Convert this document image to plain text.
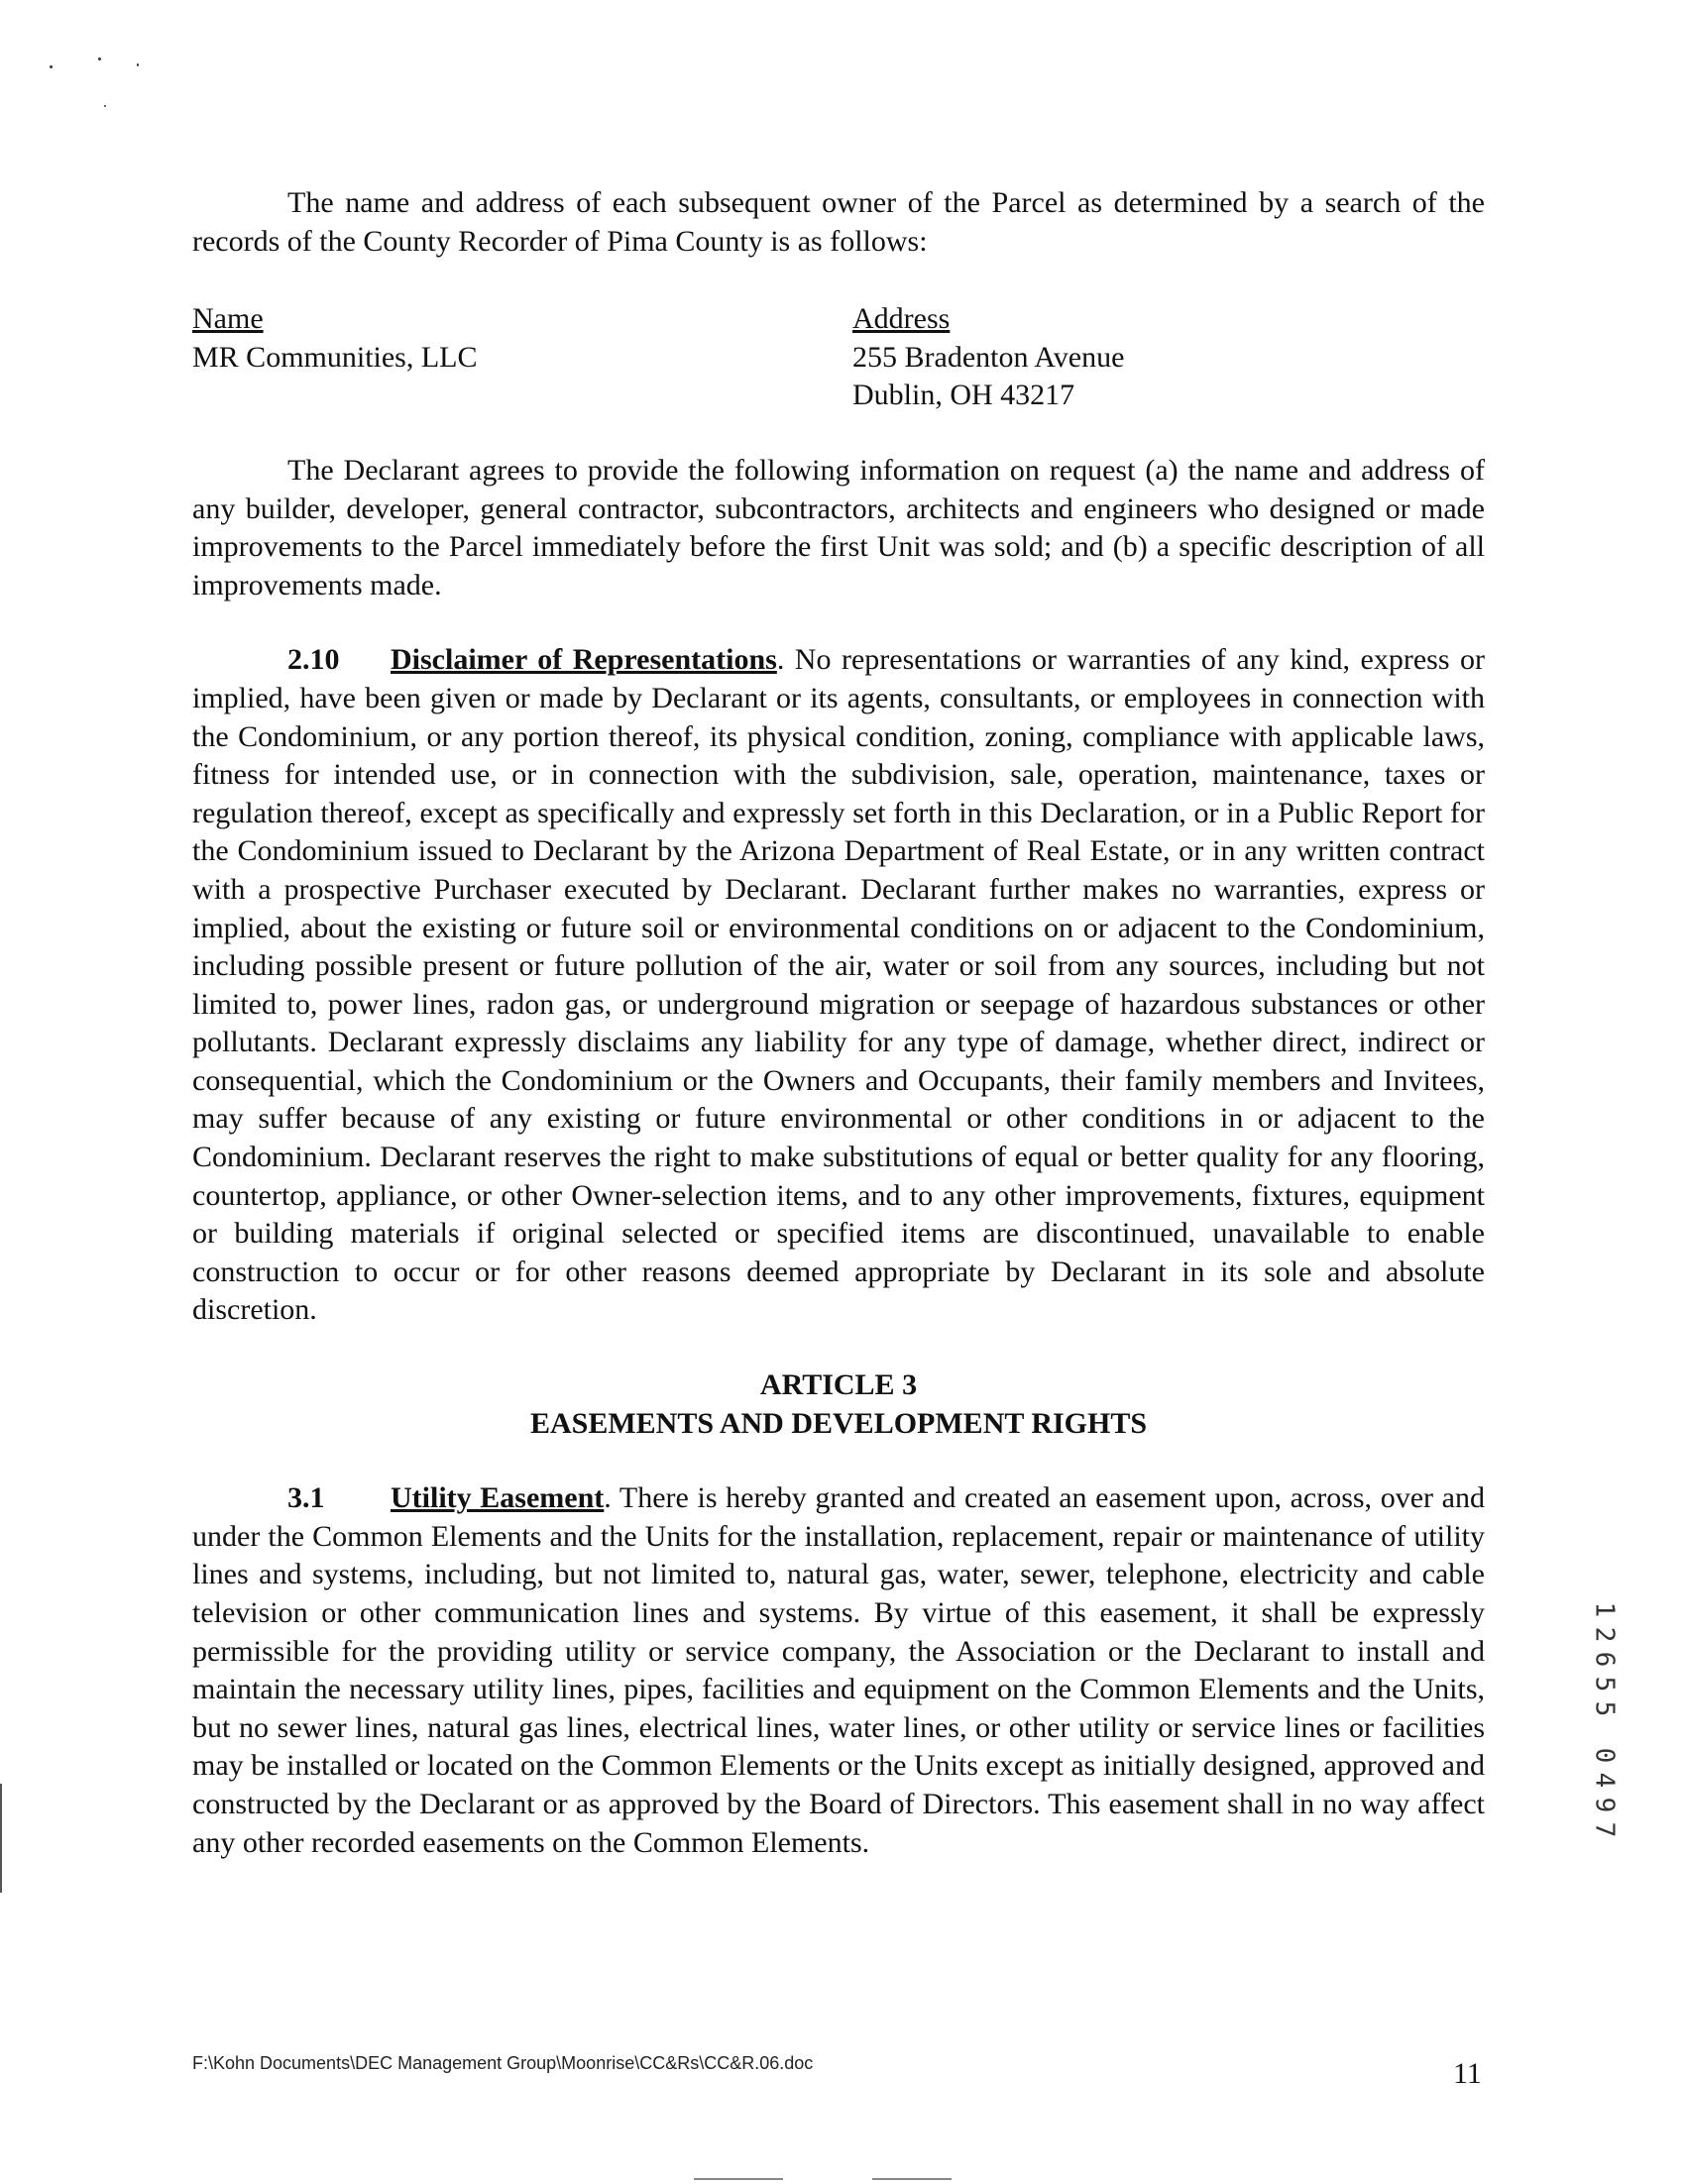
The name and address of each subsequent owner of the Parcel as determined by a search of the records of the County Recorder of Pima County is as follows:

Name
MR Communities, LLC
Address
255 Bradenton Avenue
Dublin, OH 43217

The Declarant agrees to provide the following information on request (a) the name and address of any builder, developer, general contractor, subcontractors, architects and engineers who designed or made improvements to the Parcel immediately before the first Unit was sold; and (b) a specific description of all improvements made.

2.10 Disclaimer of Representations. No representations or warranties of any kind, express or implied, have been given or made by Declarant or its agents, consultants, or employees in connection with the Condominium, or any portion thereof, its physical condition, zoning, compliance with applicable laws, fitness for intended use, or in connection with the subdivision, sale, operation, maintenance, taxes or regulation thereof, except as specifically and expressly set forth in this Declaration, or in a Public Report for the Condominium issued to Declarant by the Arizona Department of Real Estate, or in any written contract with a prospective Purchaser executed by Declarant. Declarant further makes no warranties, express or implied, about the existing or future soil or environmental conditions on or adjacent to the Condominium, including possible present or future pollution of the air, water or soil from any sources, including but not limited to, power lines, radon gas, or underground migration or seepage of hazardous substances or other pollutants. Declarant expressly disclaims any liability for any type of damage, whether direct, indirect or consequential, which the Condominium or the Owners and Occupants, their family members and Invitees, may suffer because of any existing or future environmental or other conditions in or adjacent to the Condominium. Declarant reserves the right to make substitutions of equal or better quality for any flooring, countertop, appliance, or other Owner-selection items, and to any other improvements, fixtures, equipment or building materials if original selected or specified items are discontinued, unavailable to enable construction to occur or for other reasons deemed appropriate by Declarant in its sole and absolute discretion.

ARTICLE 3
EASEMENTS AND DEVELOPMENT RIGHTS

3.1 Utility Easement. There is hereby granted and created an easement upon, across, over and under the Common Elements and the Units for the installation, replacement, repair or maintenance of utility lines and systems, including, but not limited to, natural gas, water, sewer, telephone, electricity and cable television or other communication lines and systems. By virtue of this easement, it shall be expressly permissible for the providing utility or service company, the Association or the Declarant to install and maintain the necessary utility lines, pipes, facilities and equipment on the Common Elements and the Units, but no sewer lines, natural gas lines, electrical lines, water lines, or other utility or service lines or facilities may be installed or located on the Common Elements or the Units except as initially designed, approved and constructed by the Declarant or as approved by the Board of Directors. This easement shall in no way affect any other recorded easements on the Common Elements.

1
2
6
5
5
0
4
9
7
F:\Kohn Documents\DEC Management Group\Moonrise\CC&Rs\CC&R.06.doc	11
